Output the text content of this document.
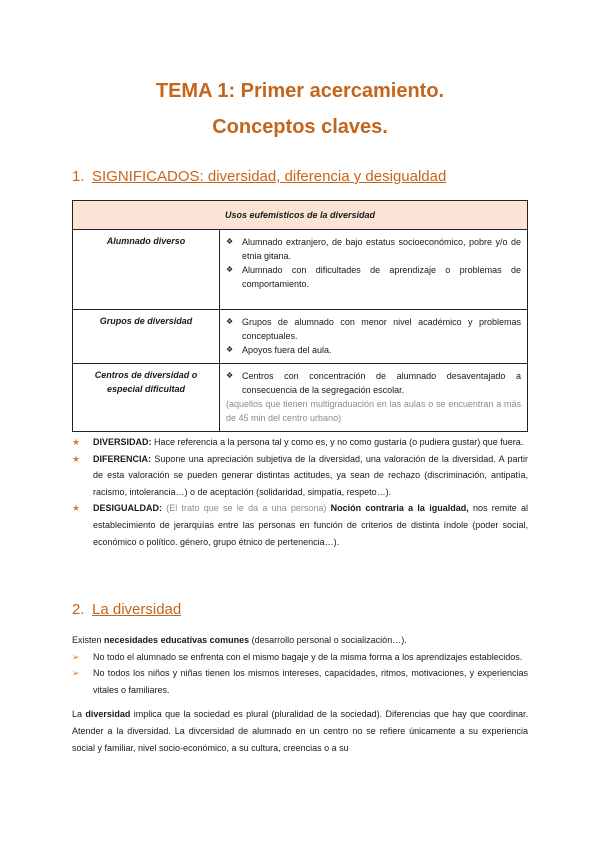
TEMA 1: Primer acercamiento.
Conceptos claves.
1. SIGNIFICADOS: diversidad, diferencia y desigualdad
Usos eufemísticos de la diversidad	
Alumnado diverso	❖ Alumnado extranjero, de bajo estatus socioeconómico, pobre y/o de etnia gitana.
❖ Alumnado con dificultades de aprendizaje o problemas de comportamiento.

Grupos de diversidad	❖ Grupos de alumnado con menor nivel académico y problemas conceptuales.
❖ Apoyos fuera del aula.

Centros de diversidad o especial dificultad	❖ Centros con concentración de alumnado desaventajado a consecuencia de la segregación escolar.
(aquellos que tienen multigraduación en las aulas o se encuentran a más de 45 min del centro urbano)
★	DIVERSIDAD: Hace referencia a la persona tal y como es, y no como gustaría (o pudiera gustar) que fuera.
★	DIFERENCIA: Supone una apreciación subjetiva de la diversidad, una valoración de la diversidad. A partir de esta valoración se pueden generar distintas actitudes, ya sean de rechazo (discriminación, antipatía, racismo, intolerancia…) o de aceptación (solidaridad, simpatía, respeto…).
★	DESIGUALDAD: (El trato que se le da a una persona) Noción contraria a la igualdad, nos remite al establecimiento de jerarquías entre las personas en función de criterios de distinta índole (poder social, económico o político. género, grupo étnico de pertenencia…).
2. La diversidad
Existen necesidades educativas comunes (desarrollo personal o socialización…).
➢	No todo el alumnado se enfrenta con el mismo bagaje y de la misma forma a los aprendizajes establecidos.
➢	No todos los niños y niñas tienen los mismos intereses, capacidades, ritmos, motivaciones, y experiencias vitales o familiares.
La diversidad implica que la sociedad es plural (pluralidad de la sociedad). Diferencias que hay que coordinar. Atender a la diversidad. La divcersidad de alumnado en un centro no se refiere únicamente a su experiencia social y familiar, nivel socio-económico, a su cultura, creencias o a su
